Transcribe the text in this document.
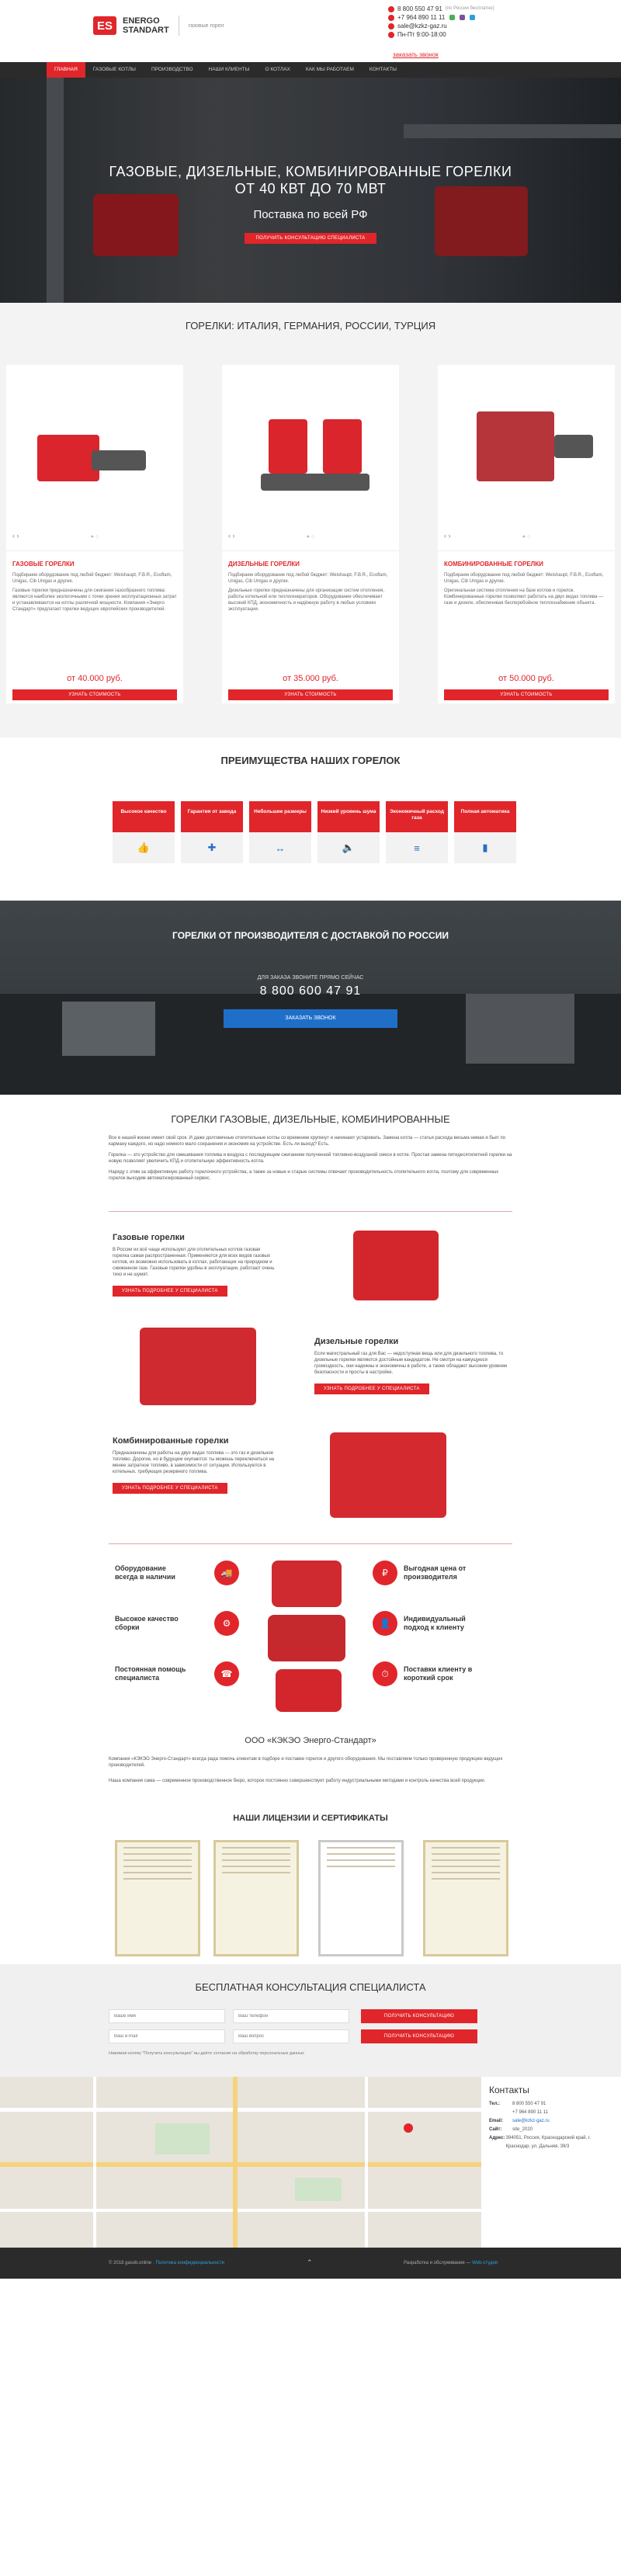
ES	ENERGO
STANDART	газовые горел
8 800 550 47 91 (по России бесплатно)
+7 964 890 11 11
sale@kzkz-gaz.ru
Пн-Пт 9:00-18:00
заказать звонок
ГЛАВНАЯ	ГАЗОВЫЕ КОТЛЫ	ПРОИЗВОДСТВО	НАШИ КЛИЕНТЫ	О КОТЛАХ	КАК МЫ РАБОТАЕМ	КОНТАКТЫ
ГАЗОВЫЕ, ДИЗЕЛЬНЫЕ, КОМБИНИРОВАННЫЕ ГОРЕЛКИ
ОТ 40 КВТ ДО 70 МВТ
Поставка по всей РФ
ПОЛУЧИТЬ КОНСУЛЬТАЦИЮ СПЕЦИАЛИСТА
ГОРЕЛКИ: ИТАЛИЯ, ГЕРМАНИЯ, РОССИИ, ТУРЦИЯ
‹ ›	● ○
ГАЗОВЫЕ ГОРЕЛКИ

Подбираем оборудование под любой бюджет: Weishaupt, F.B.R., Ecoflam, Unigas, Cib Unigas и другие.

Газовые горелки предназначены для сжигания газообразного топлива: являются наиболее экологичными с точки зрения эксплуатационных затрат и устанавливаются на котлы различной мощности. Компания «Энерго Стандарт» предлагает горелки ведущих европейских производителей.

от 40.000 руб.
УЗНАТЬ СТОИМОСТЬ
‹ ›	● ○
ДИЗЕЛЬНЫЕ ГОРЕЛКИ

Подбираем оборудование под любой бюджет: Weishaupt, F.B.R., Ecoflam, Unigas, Cib Unigas и другие.

Дизельные горелки предназначены для организации систем отопления, работы котельной или теплогенераторов. Оборудование обеспечивает высокий КПД, экономичность и надёжную работу в любых условиях эксплуатации.

от 35.000 руб.
УЗНАТЬ СТОИМОСТЬ
‹ ›	● ○
КОМБИНИРОВАННЫЕ ГОРЕЛКИ

Подбираем оборудование под любой бюджет: Weishaupt, F.B.R., Ecoflam, Unigas, Cib Unigas и другие.

Оригинальная система отопления на базе котлов и горелок. Комбинированные горелки позволяют работать на двух видах топлива — газе и дизеле, обеспечивая бесперебойное теплоснабжение объекта.

от 50.000 руб.
УЗНАТЬ СТОИМОСТЬ
ПРЕИМУЩЕСТВА НАШИХ ГОРЕЛОК
Высокое качество
👍
Гарантия от завода
✚
Небольшие размеры
↔
Низкий уровень шума
🔈
Экономичный расход газа
≡
Полная автоматика
▮
ГОРЕЛКИ ОТ ПРОИЗВОДИТЕЛЯ С ДОСТАВКОЙ ПО РОССИИ
ДЛЯ ЗАКАЗА ЗВОНИТЕ ПРЯМО СЕЙЧАС
8 800 600 47 91
ЗАКАЗАТЬ ЗВОНОК
ГОРЕЛКИ ГАЗОВЫЕ, ДИЗЕЛЬНЫЕ, КОМБИНИРОВАННЫЕ

Все в нашей жизни имеет свой срок. И даже долговечные отопительные котлы со временем хрупкнут и начинают устаревать. Замена котла — статья расхода весьма немая и бьет по карману каждого, но надо немного мало сохранения и экономия на устройстве. Есть ли выход? Есть.

Горелка — это устройство для смешивания топлива и воздуха с последующим сжиганием полученной топливно-воздушной смеси в котле. Простая замена пятидесятилетней горелки на новую позволяет увеличить КПД и отопительную эффективность котла.

Наряду с этим за эффективную работу горелочного устройства, а также за новые и старые системы отвечает производительность отопительного котла, поэтому для современных горелок выходим автоматизированный сервис.

Газовые горелки

В России их всё чаще используют для отопительных котлов газовая горелка самая распространенная. Применяются для всех видов газовых котлов, их возможно использовать в котлах, работающих на природном и сжиженном газе. Газовые горелки удобны в эксплуатации, работают очень тихо и не шумят.

УЗНАТЬ ПОДРОБНЕЕ У СПЕЦИАЛИСТА
Дизельные горелки

Если магистральный газ для Вас — недоступная вещь или для дизельного топлива, то дизельные горелки являются достойным кандидатом. Не смотря на кажущуюся громоздкость, они надежны и экономичны в работе, а также обладают высоким уровнем безопасности и просты в настройке.

УЗНАТЬ ПОДРОБНЕЕ У СПЕЦИАЛИСТА
Комбинированные горелки

Предназначены для работы на двух видах топлива — это газ и дизельное топливо. Дорогие, но в будущем окупаются: ты можешь переключиться на менее затратное топливо, в зависимости от ситуации. Используются в котельных, требующих резервного топлива.

УЗНАТЬ ПОДРОБНЕЕ У СПЕЦИАЛИСТА
Оборудование
всегда в наличии	🚚
Высокое качество
сборки	⚙
Постоянная помощь
специалиста	☎
₽	Выгодная цена от
производителя
👤	Индивидуальный
подход к клиенту
⏱	Поставки клиенту в
короткий срок
ООО «КЭКЭО Энерго-Стандарт»

Компания «КЭКЭО Энерго-Стандарт» всегда рада помочь клиентам в подборе и поставке горелок и другого оборудования. Мы поставляем только проверенную продукцию ведущих производителей.

Наша компания сама — современное производственное бюро, которое постоянно совершенствует работу индустриальными методами и контроль качества всей продукции.

НАШИ ЛИЦЕНЗИИ И СЕРТИФИКАТЫ
БЕСПЛАТНАЯ КОНСУЛЬТАЦИЯ СПЕЦИАЛИСТА
Ваше имя
Ваш телефон
ПОЛУЧИТЬ КОНСУЛЬТАЦИЮ
Ваш e-mail
Ваш вопрос
ПОЛУЧИТЬ КОНСУЛЬТАЦИЮ
Нажимая кнопку "Получить консультацию" вы даёте согласие на обработку персональных данных
Контакты
Тел.:	8 800 550 47 91
+7 964 890 11 11
Email:	sale@kzkz-gaz.ru
Сайт:	site_2020
Адрес: 394051, Россия, Краснодарский край, г. Краснодар, ул. Дальняя, 39/3
© 2018 gasob.online · Политика конфиденциальности	⌃	Разработка и обслуживание — Web-студия
